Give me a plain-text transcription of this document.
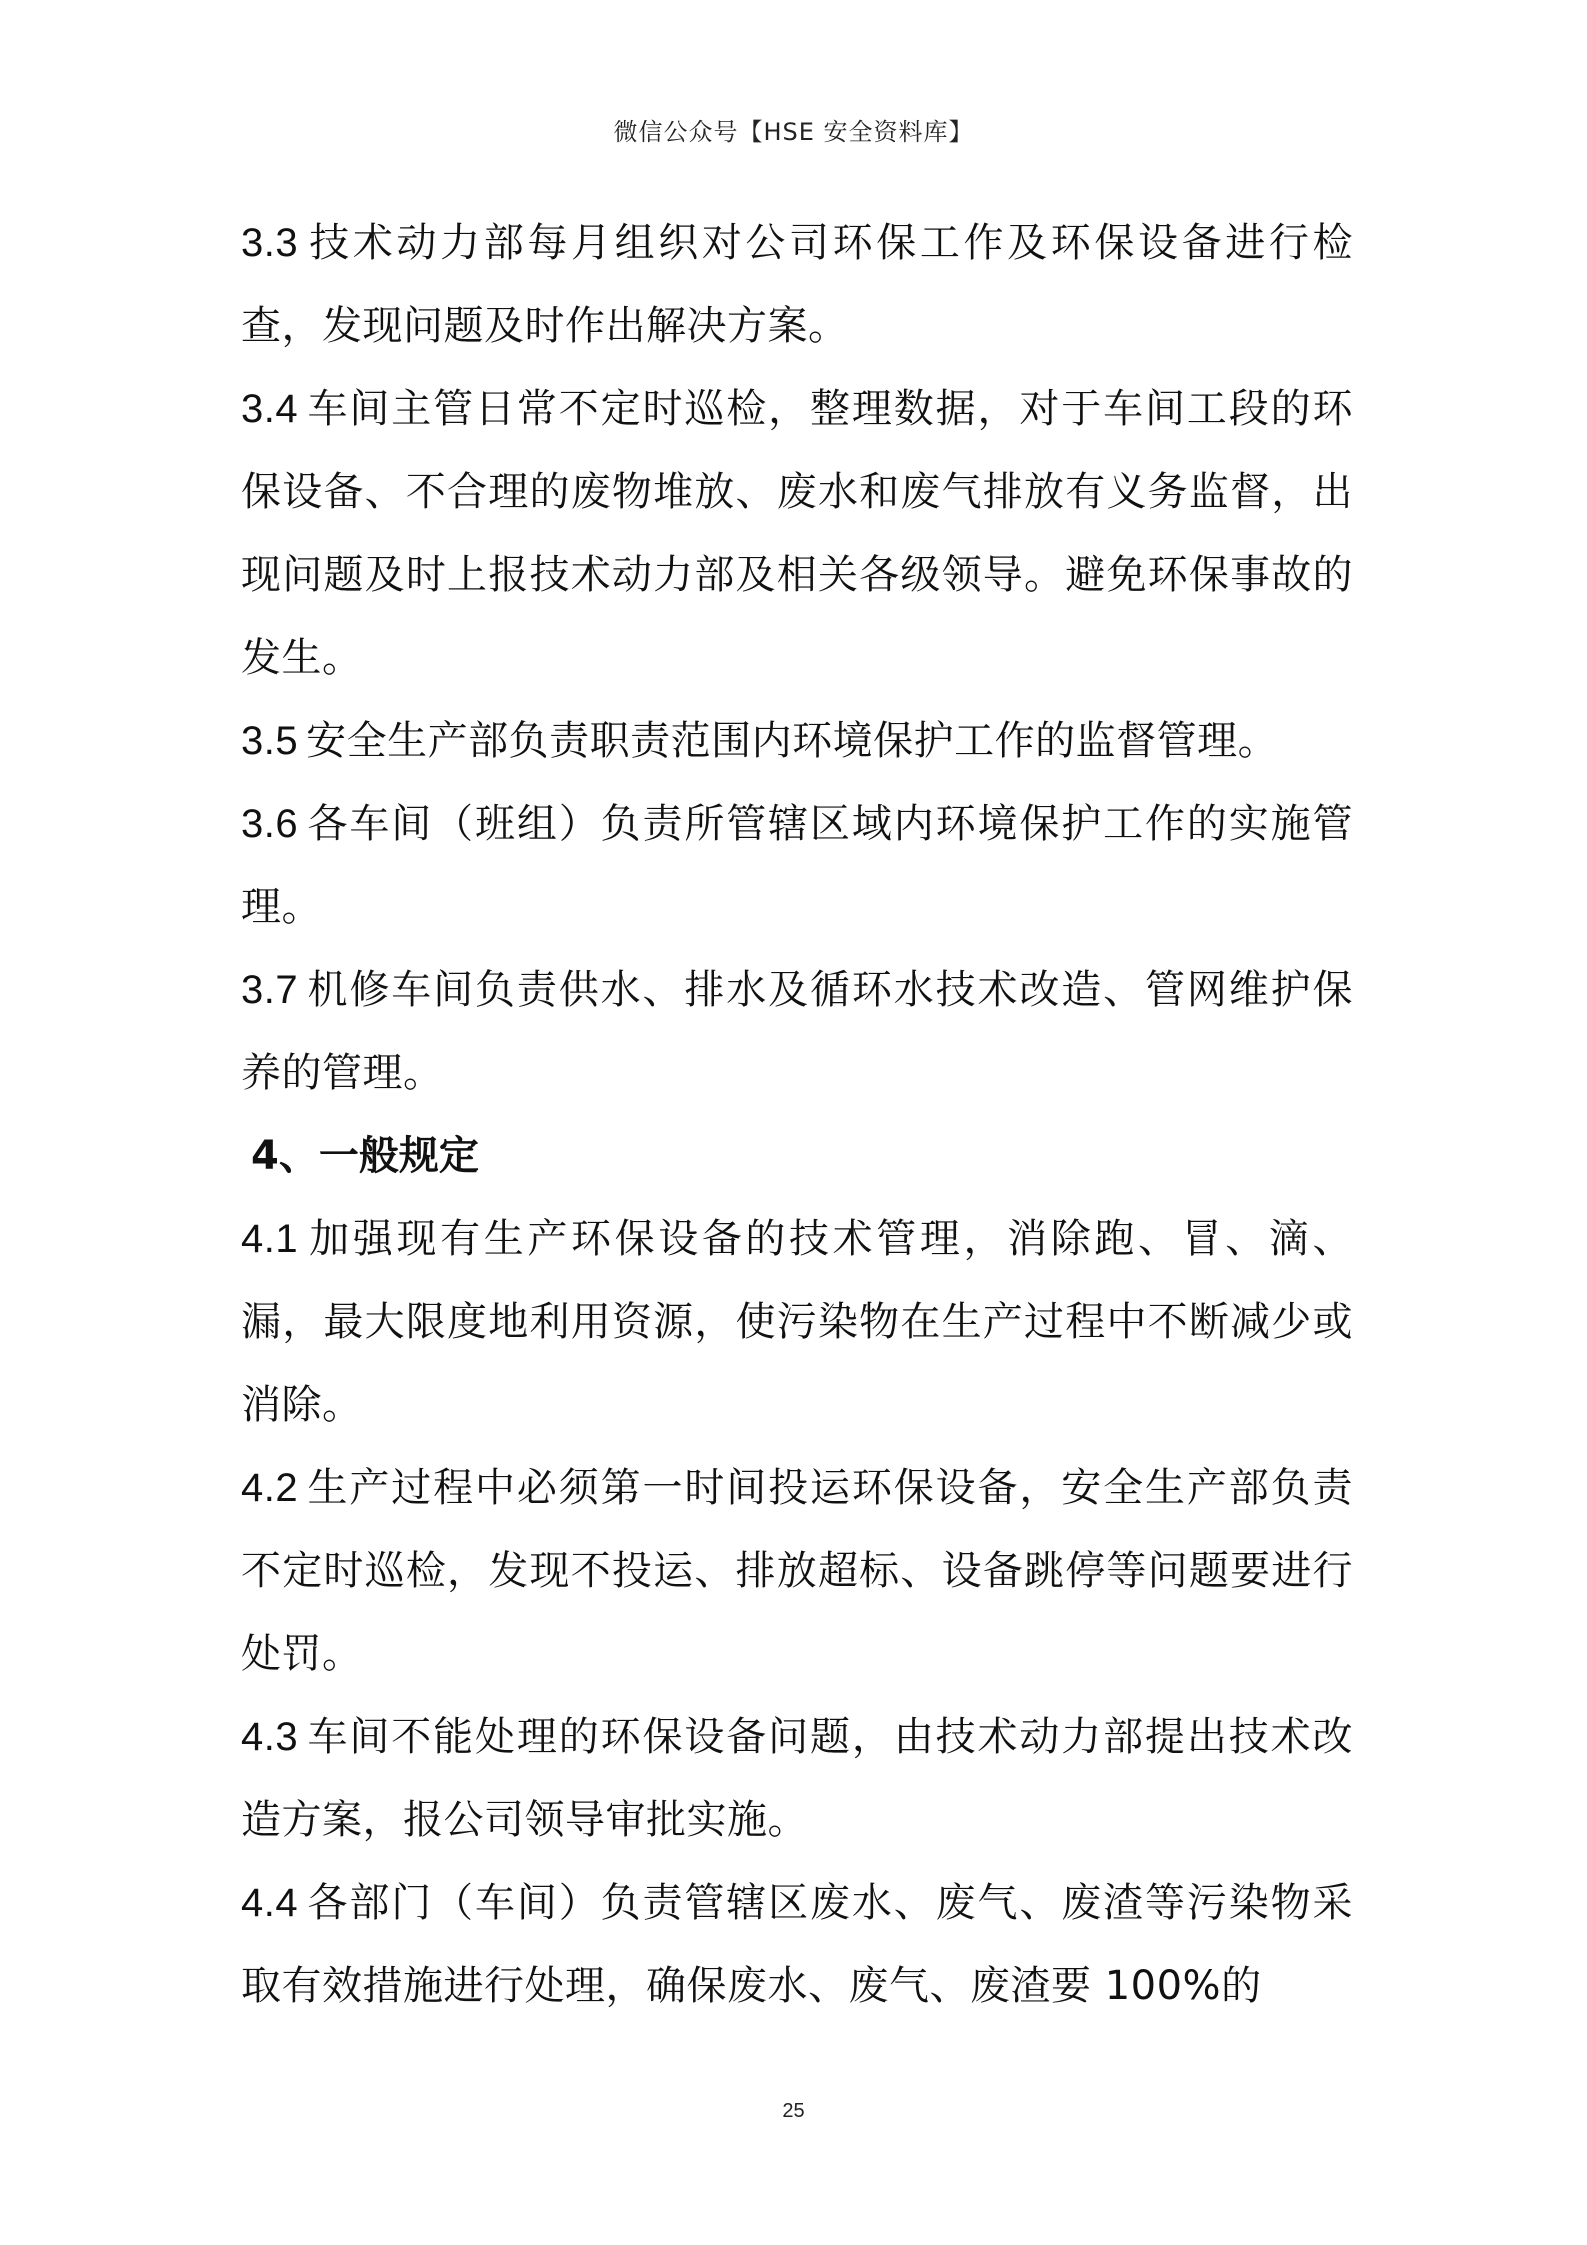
微信公众号【HSE 安全资料库】

3.3 技术动力部每月组织对公司环保工作及环保设备进行检查，发现问题及时作出解决方案。

3.4 车间主管日常不定时巡检，整理数据，对于车间工段的环保设备、不合理的废物堆放、废水和废气排放有义务监督，出现问题及时上报技术动力部及相关各级领导。避免环保事故的发生。

3.5 安全生产部负责职责范围内环境保护工作的监督管理。

3.6 各车间（班组）负责所管辖区域内环境保护工作的实施管理。

3.7 机修车间负责供水、排水及循环水技术改造、管网维护保养的管理。

4、一般规定

4.1 加强现有生产环保设备的技术管理，消除跑、冒、滴、漏，最大限度地利用资源，使污染物在生产过程中不断减少或消除。

4.2 生产过程中必须第一时间投运环保设备，安全生产部负责不定时巡检，发现不投运、排放超标、设备跳停等问题要进行处罚。

4.3 车间不能处理的环保设备问题，由技术动力部提出技术改造方案，报公司领导审批实施。

4.4 各部门（车间）负责管辖区废水、废气、废渣等污染物采取有效措施进行处理，确保废水、废气、废渣要 100%的

25
